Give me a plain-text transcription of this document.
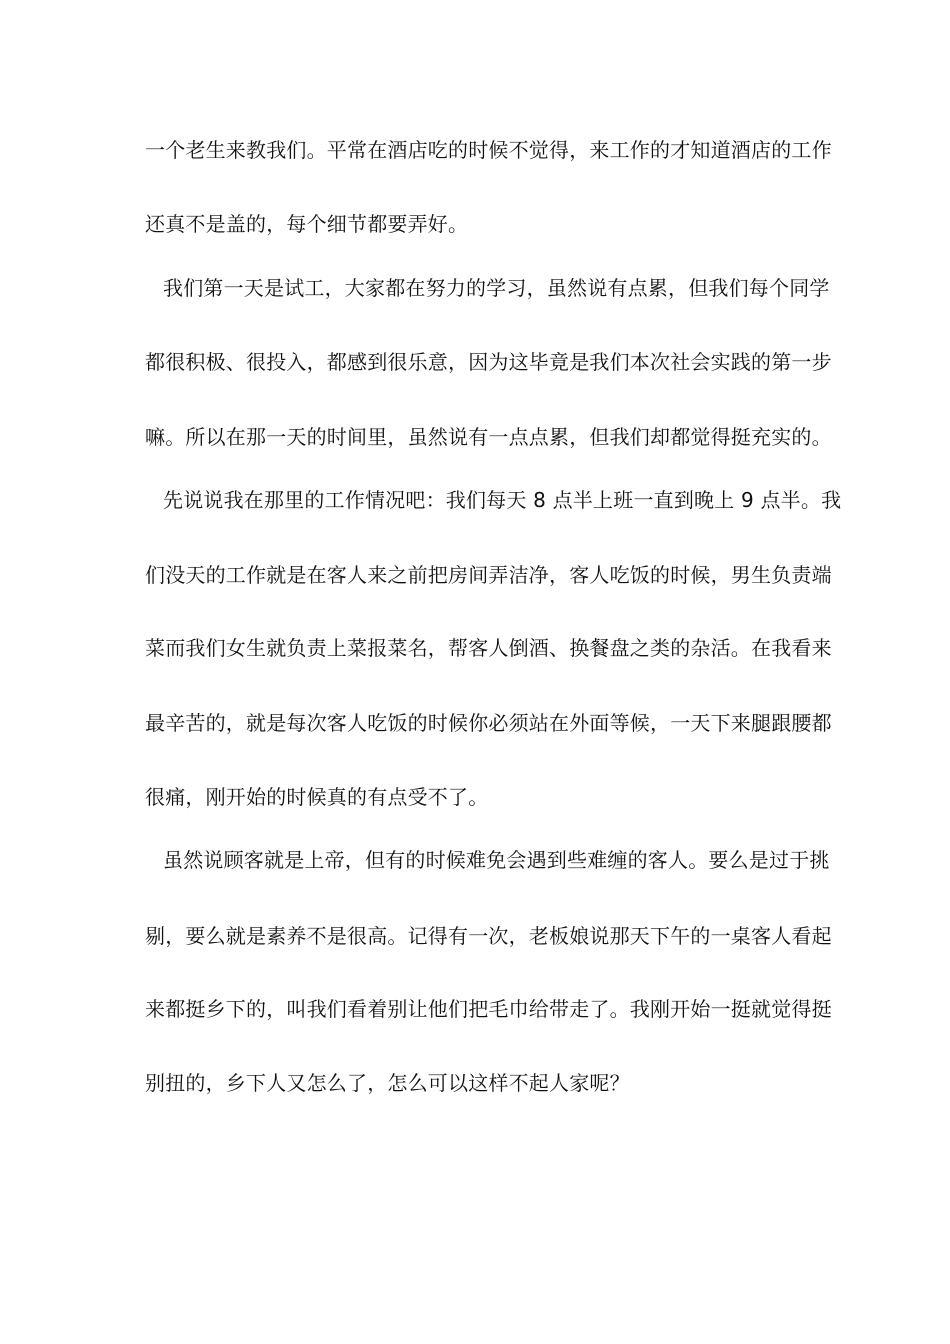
一个老生来教我们。平常在酒店吃的时候不觉得，来工作的才知道酒店的工作
还真不是盖的，每个细节都要弄好。
我们第一天是试工，大家都在努力的学习，虽然说有点累，但我们每个同学
都很积极、很投入，都感到很乐意，因为这毕竟是我们本次社会实践的第一步
嘛。所以在那一天的时间里，虽然说有一点点累，但我们却都觉得挺充实的。
先说说我在那里的工作情况吧：我们每天 8 点半上班一直到晚上 9 点半。我
们没天的工作就是在客人来之前把房间弄洁净，客人吃饭的时候，男生负责端
菜而我们女生就负责上菜报菜名，帮客人倒酒、换餐盘之类的杂活。在我看来
最辛苦的，就是每次客人吃饭的时候你必须站在外面等候，一天下来腿跟腰都
很痛，刚开始的时候真的有点受不了。
虽然说顾客就是上帝，但有的时候难免会遇到些难缠的客人。要么是过于挑
剔，要么就是素养不是很高。记得有一次，老板娘说那天下午的一桌客人看起
来都挺乡下的，叫我们看着别让他们把毛巾给带走了。我刚开始一挺就觉得挺
别扭的，乡下人又怎么了，怎么可以这样不起人家呢？
